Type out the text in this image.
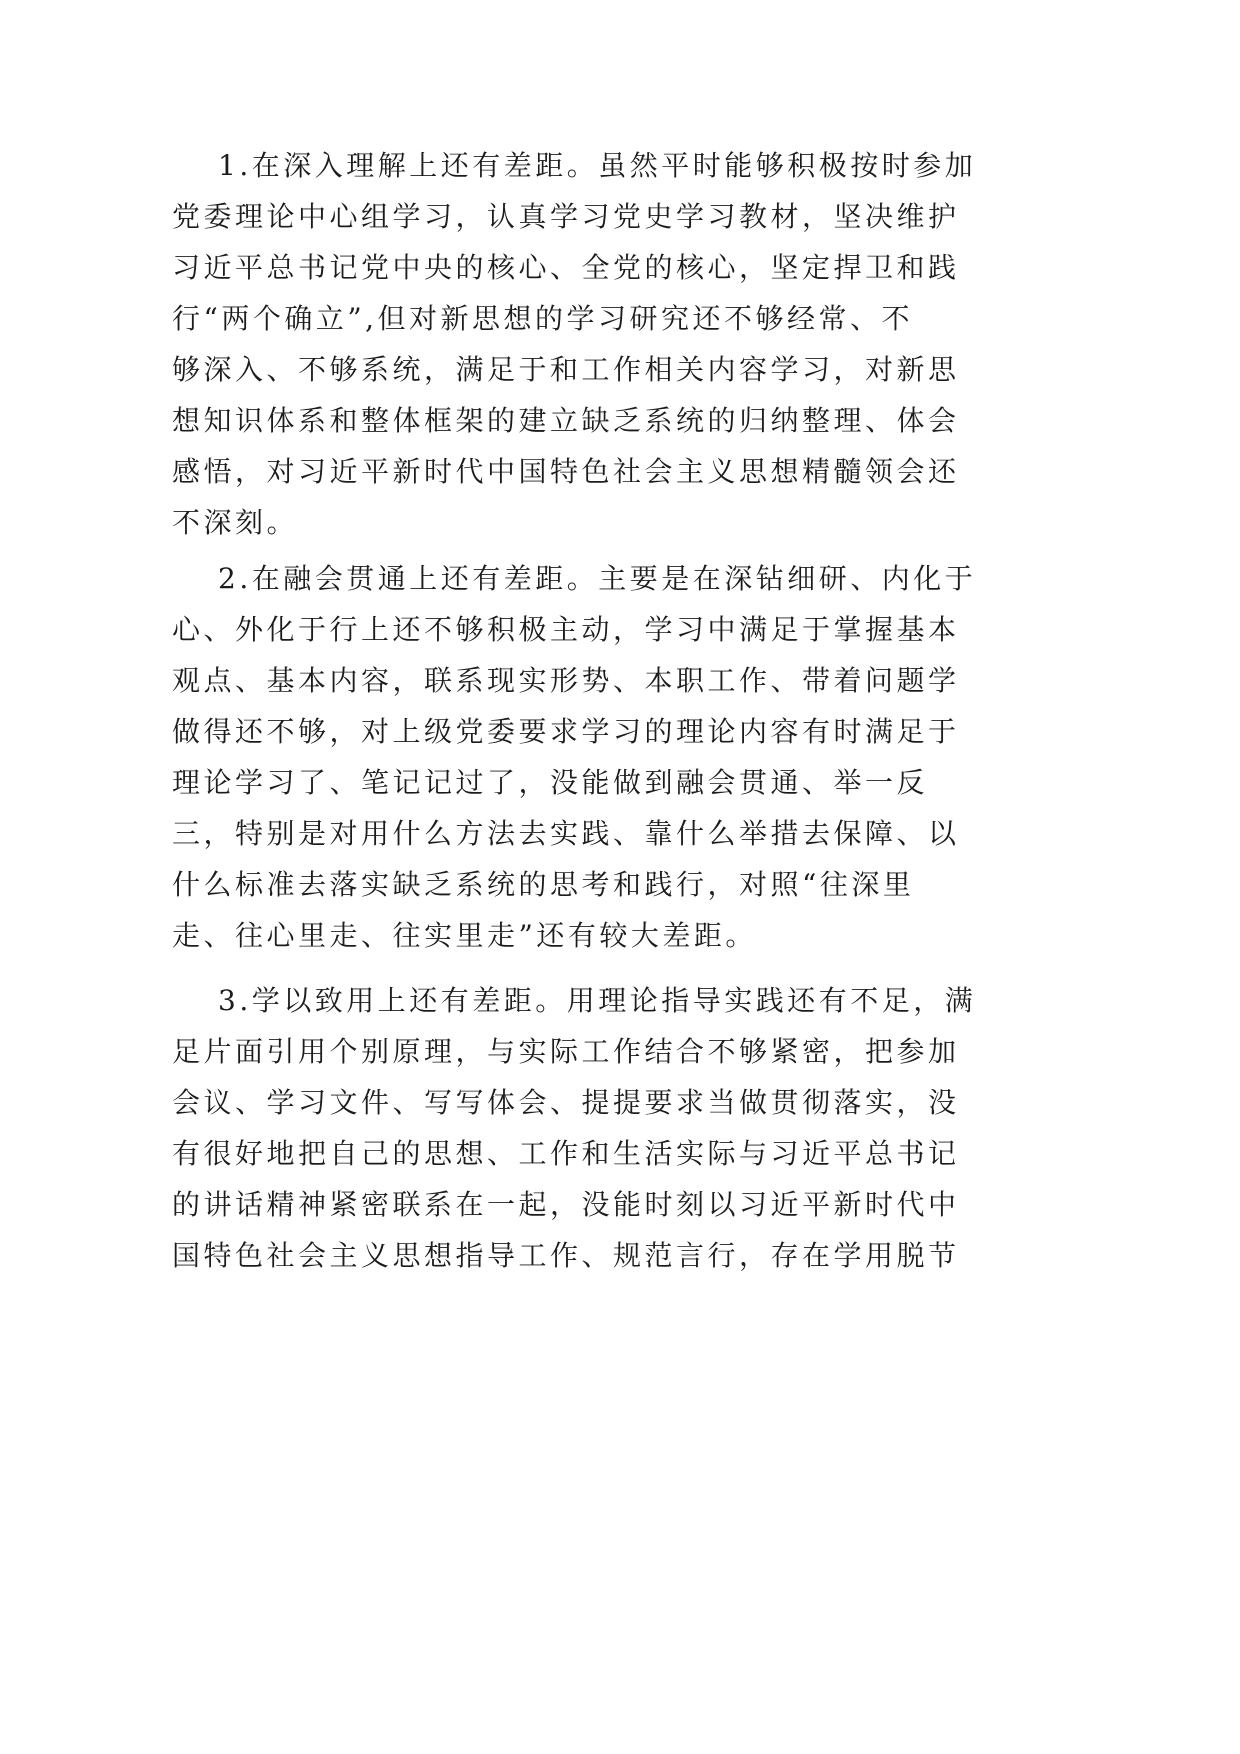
1.在深入理解上还有差距。虽然平时能够积极按时参加
党委理论中心组学习，认真学习党史学习教材，坚决维护
习近平总书记党中央的核心、全党的核心，坚定捍卫和践
行“两个确立”,但对新思想的学习研究还不够经常、不
够深入、不够系统，满足于和工作相关内容学习，对新思
想知识体系和整体框架的建立缺乏系统的归纳整理、体会
感悟，对习近平新时代中国特色社会主义思想精髓领会还
不深刻。
2.在融会贯通上还有差距。主要是在深钻细研、内化于
心、外化于行上还不够积极主动，学习中满足于掌握基本
观点、基本内容，联系现实形势、本职工作、带着问题学
做得还不够，对上级党委要求学习的理论内容有时满足于
理论学习了、笔记记过了，没能做到融会贯通、举一反
三，特别是对用什么方法去实践、靠什么举措去保障、以
什么标准去落实缺乏系统的思考和践行，对照“往深里
走、往心里走、往实里走”还有较大差距。
3.学以致用上还有差距。用理论指导实践还有不足，满
足片面引用个别原理，与实际工作结合不够紧密，把参加
会议、学习文件、写写体会、提提要求当做贯彻落实，没
有很好地把自己的思想、工作和生活实际与习近平总书记
的讲话精神紧密联系在一起，没能时刻以习近平新时代中
国特色社会主义思想指导工作、规范言行，存在学用脱节
